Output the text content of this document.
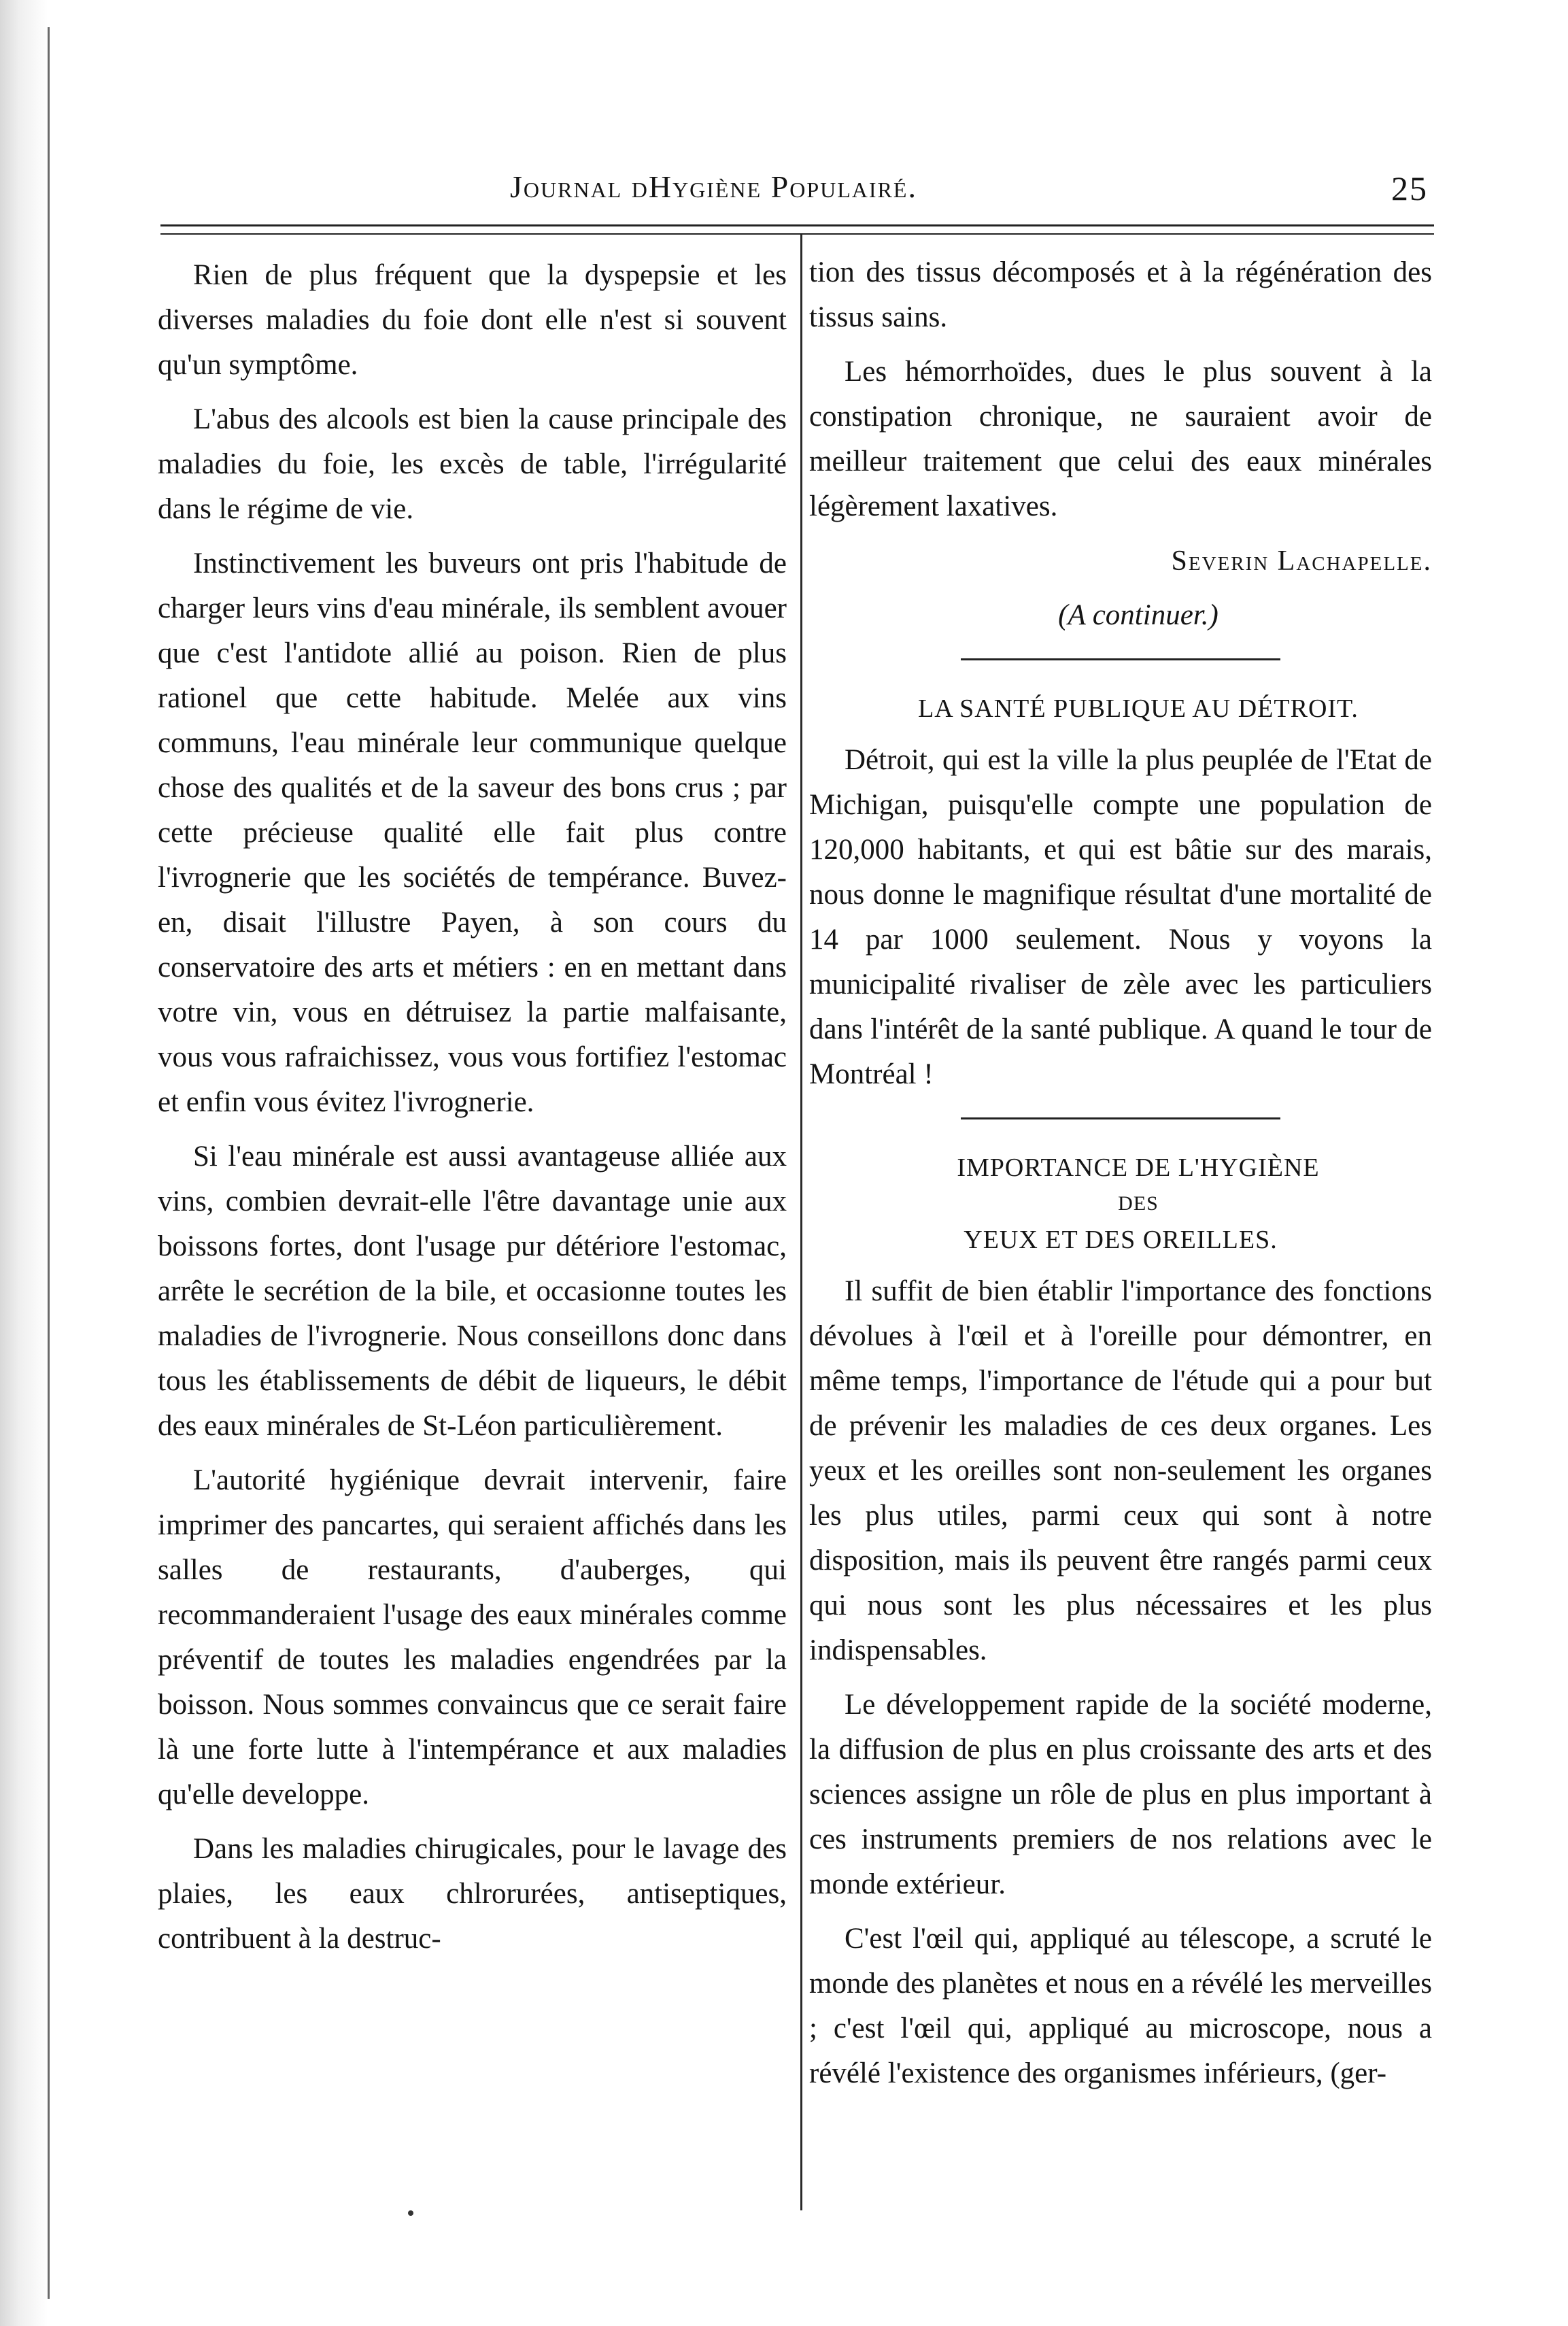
Journal dHygiène Populairé.	25

Rien de plus fréquent que la dyspepsie et les diverses maladies du foie dont elle n'est si souvent qu'un symptôme.

L'abus des alcools est bien la cause principale des maladies du foie, les excès de table, l'irrégularité dans le régime de vie.

Instinctivement les buveurs ont pris l'habitude de charger leurs vins d'eau minérale, ils semblent avouer que c'est l'antidote allié au poison. Rien de plus rationel que cette habitude. Melée aux vins communs, l'eau minérale leur communique quelque chose des qualités et de la saveur des bons crus ; par cette précieuse qualité elle fait plus contre l'ivrognerie que les sociétés de tempérance. Buvez-en, disait l'illustre Payen, à son cours du conservatoire des arts et métiers : en en mettant dans votre vin, vous en détruisez la partie malfaisante, vous vous rafraichissez, vous vous fortifiez l'estomac et enfin vous évitez l'ivrognerie.

Si l'eau minérale est aussi avantageuse alliée aux vins, combien devrait-elle l'être davantage unie aux boissons fortes, dont l'usage pur détériore l'estomac, arrête le secrétion de la bile, et occasionne toutes les maladies de l'ivrognerie. Nous conseillons donc dans tous les établissements de débit de liqueurs, le débit des eaux minérales de St-Léon particulièrement.

L'autorité hygiénique devrait intervenir, faire imprimer des pancartes, qui seraient affichés dans les salles de restaurants, d'auberges, qui recommanderaient l'usage des eaux minérales comme préventif de toutes les maladies engendrées par la boisson. Nous sommes convaincus que ce serait faire là une forte lutte à l'intempérance et aux maladies qu'elle developpe.

Dans les maladies chirugicales, pour le lavage des plaies, les eaux chlrorurées, antiseptiques, contribuent à la destruc-

tion des tissus décomposés et à la régénération des tissus sains.

Les hémorrhoïdes, dues le plus souvent à la constipation chronique, ne sauraient avoir de meilleur traitement que celui des eaux minérales légèrement laxatives.

Severin Lachapelle.

(A continuer.)

LA SANTÉ PUBLIQUE AU DÉTROIT.

Détroit, qui est la ville la plus peuplée de l'Etat de Michigan, puisqu'elle compte une population de 120,000 habitants, et qui est bâtie sur des marais, nous donne le magnifique résultat d'une mortalité de 14 par 1000 seulement. Nous y voyons la municipalité rivaliser de zèle avec les particuliers dans l'intérêt de la santé publique. A quand le tour de Montréal !

IMPORTANCE DE L'HYGIÈNE
DES
YEUX ET DES OREILLES.

Il suffit de bien établir l'importance des fonctions dévolues à l'œil et à l'oreille pour démontrer, en même temps, l'importance de l'étude qui a pour but de prévenir les maladies de ces deux organes. Les yeux et les oreilles sont non-seulement les organes les plus utiles, parmi ceux qui sont à notre disposition, mais ils peuvent être rangés parmi ceux qui nous sont les plus nécessaires et les plus indispensables.

Le développement rapide de la société moderne, la diffusion de plus en plus croissante des arts et des sciences assigne un rôle de plus en plus important à ces instruments premiers de nos relations avec le monde extérieur.

C'est l'œil qui, appliqué au télescope, a scruté le monde des planètes et nous en a révélé les merveilles ; c'est l'œil qui, appliqué au microscope, nous a révélé l'existence des organismes inférieurs, (ger-
